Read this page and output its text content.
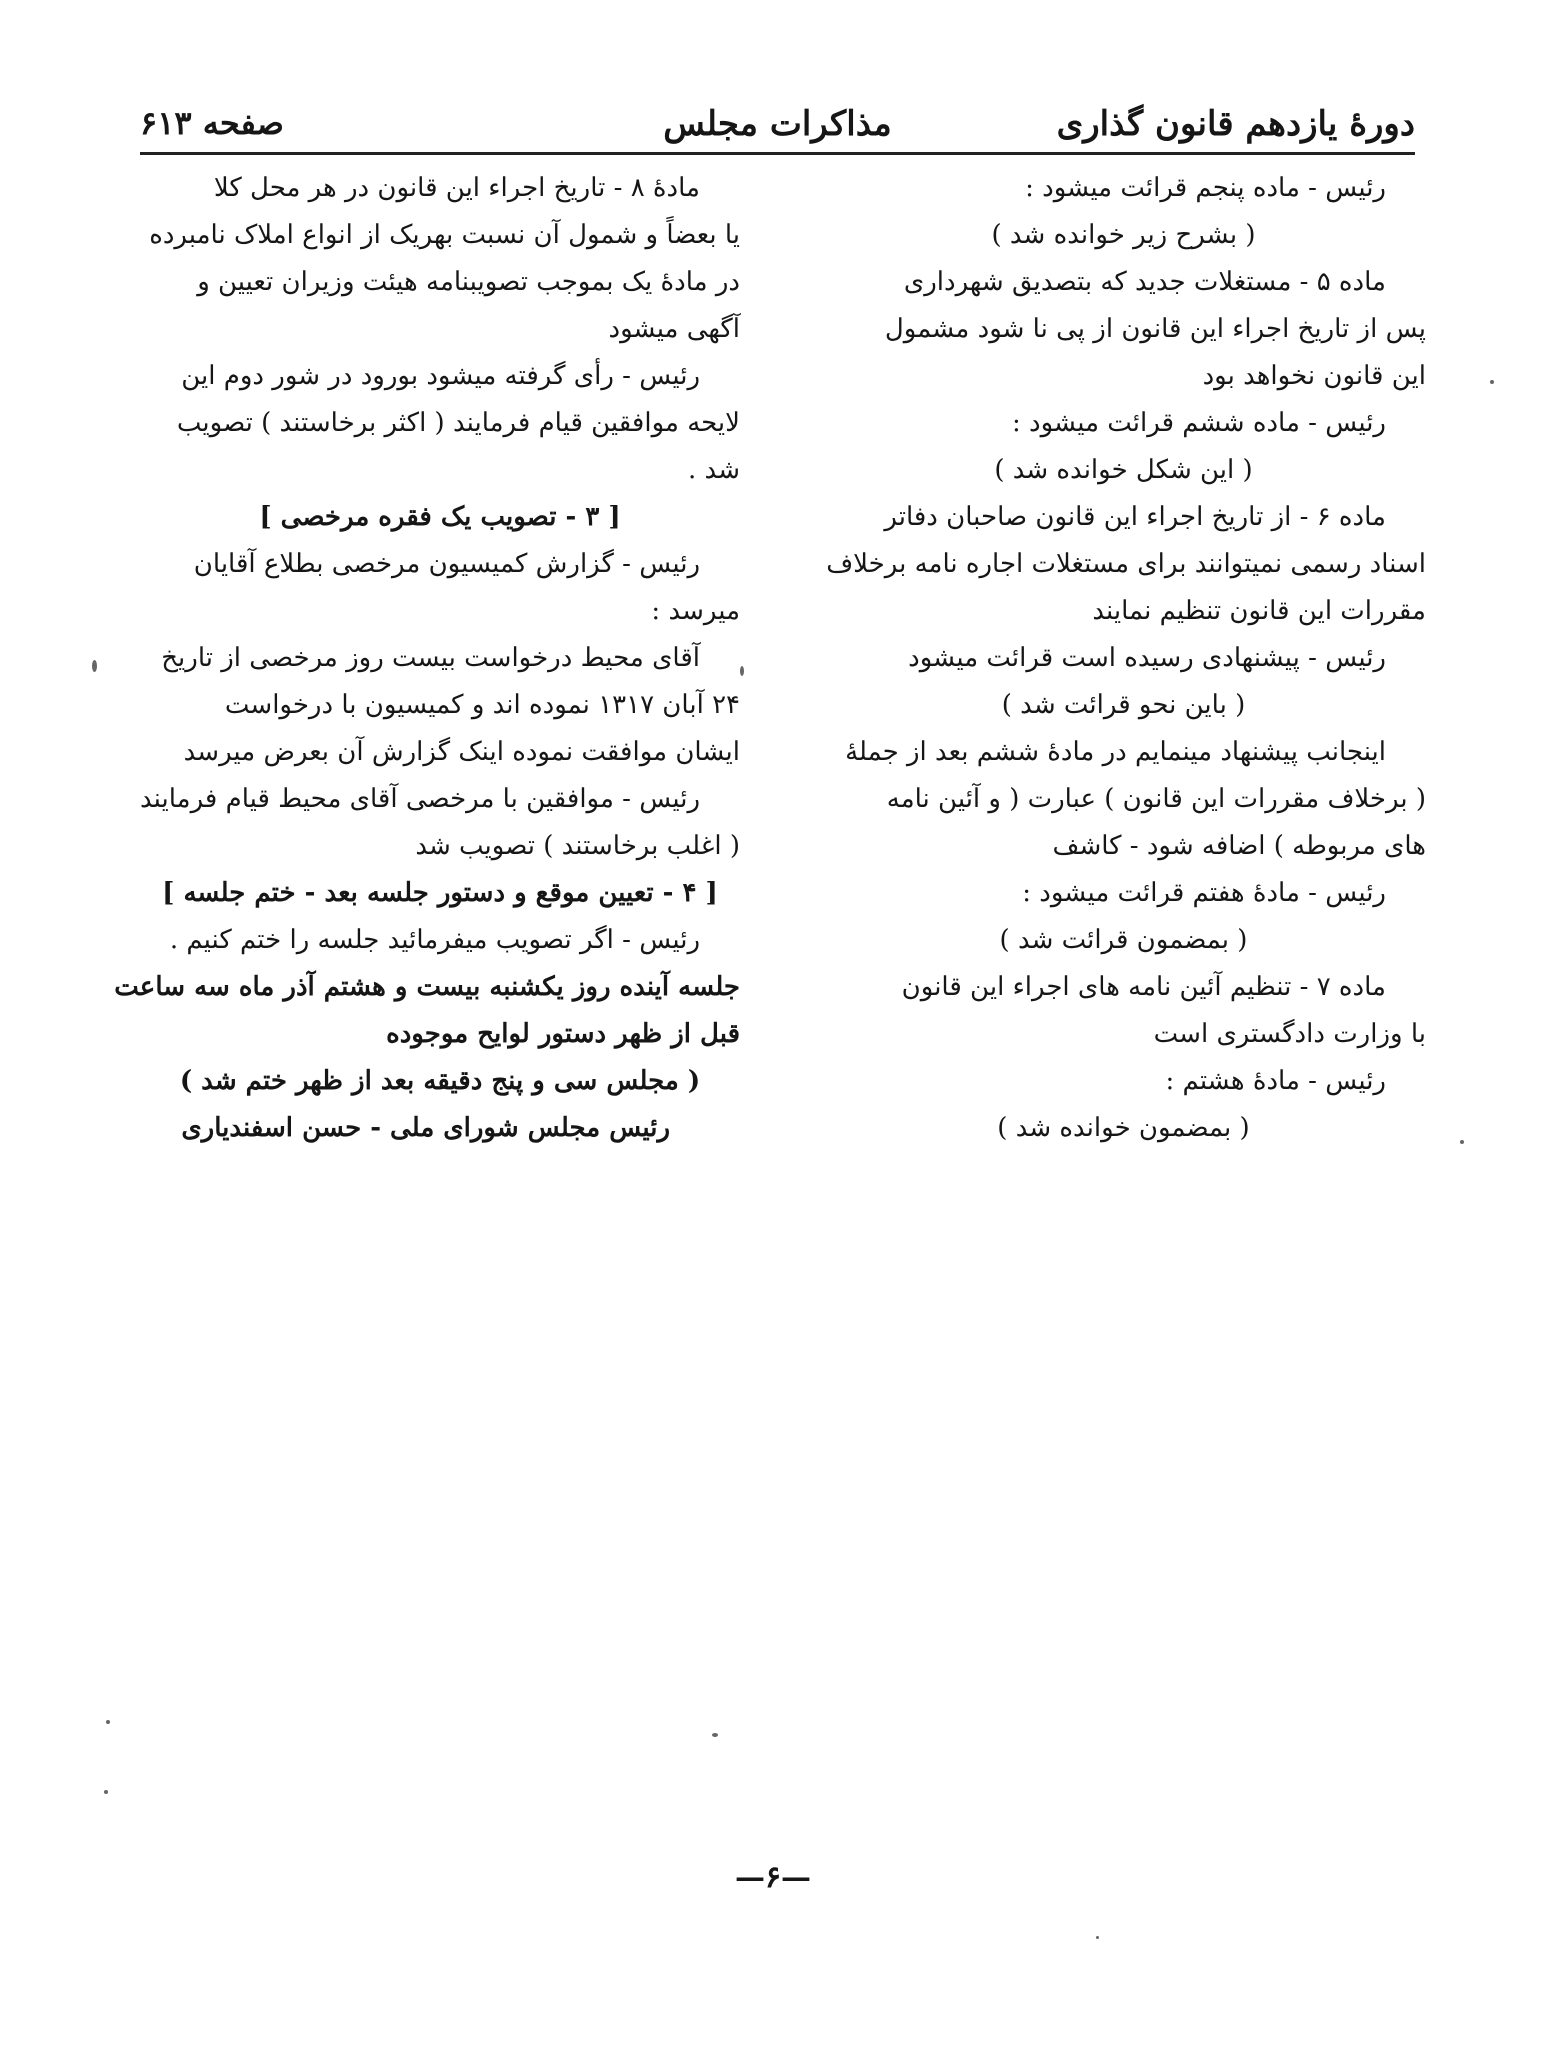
دورهٔ یازدهم قانون گذاری
مذاکرات مجلس
صفحه ۶۱۳

رئیس - ماده پنجم قرائت میشود :

( بشرح زیر خوانده شد )

ماده ۵ - مستغلات جدید که بتصدیق شهرداری

پس از تاریخ اجراء این قانون از پی نا شود مشمول

این قانون نخواهد بود

رئیس - ماده ششم قرائت میشود :

( این شکل خوانده شد )

ماده ۶ - از تاریخ اجراء این قانون صاحبان دفاتر

اسناد رسمی نمیتوانند برای مستغلات اجاره نامه برخلاف

مقررات این قانون تنظیم نمایند

رئیس - پیشنهادی رسیده است قرائت میشود

( باین نحو قرائت شد )

اینجانب پیشنهاد مینمایم در مادهٔ ششم بعد از جملهٔ

( برخلاف مقررات این قانون ) عبارت ( و آئین نامه

های مربوطه ) اضافه شود - کاشف

رئیس - مادهٔ هفتم قرائت میشود :

( بمضمون قرائت شد )

ماده ۷ - تنظیم آئین نامه های اجراء این قانون

با وزارت دادگستری است

رئیس - مادهٔ هشتم :

( بمضمون خوانده شد )

مادهٔ ۸ - تاریخ اجراء این قانون در هر محل کلا

یا بعضاً و شمول آن نسبت بهریک از انواع املاک نامبرده

در مادهٔ یک بموجب تصویبنامه هیئت وزیران تعیین و

آگهی میشود

رئیس - رأی گرفته میشود بورود در شور دوم این

لایحه موافقین قیام فرمایند ( اکثر برخاستند ) تصویب

شد .

[ ۳ - تصویب یک فقره مرخصی ]

رئیس - گزارش کمیسیون مرخصی بطلاع آقایان

میرسد :

آقای محیط درخواست بیست روز مرخصی از تاریخ

۲۴ آبان ۱۳۱۷ نموده اند و کمیسیون با درخواست

ایشان موافقت نموده اینک گزارش آن بعرض میرسد

رئیس - موافقین با مرخصی آقای محیط قیام فرمایند

( اغلب برخاستند ) تصویب شد

[ ۴ - تعیین موقع و دستور جلسه بعد - ختم جلسه ]

رئیس - اگر تصویب میفرمائید جلسه را ختم کنیم .

جلسه آینده روز یکشنبه بیست و هشتم آذر ماه سه ساعت

قبل از ظهر دستور لوایح موجوده

( مجلس سی و پنج دقیقه بعد از ظهر ختم شد )

رئیس مجلس شورای ملی - حسن اسفندیاری

—۶—
